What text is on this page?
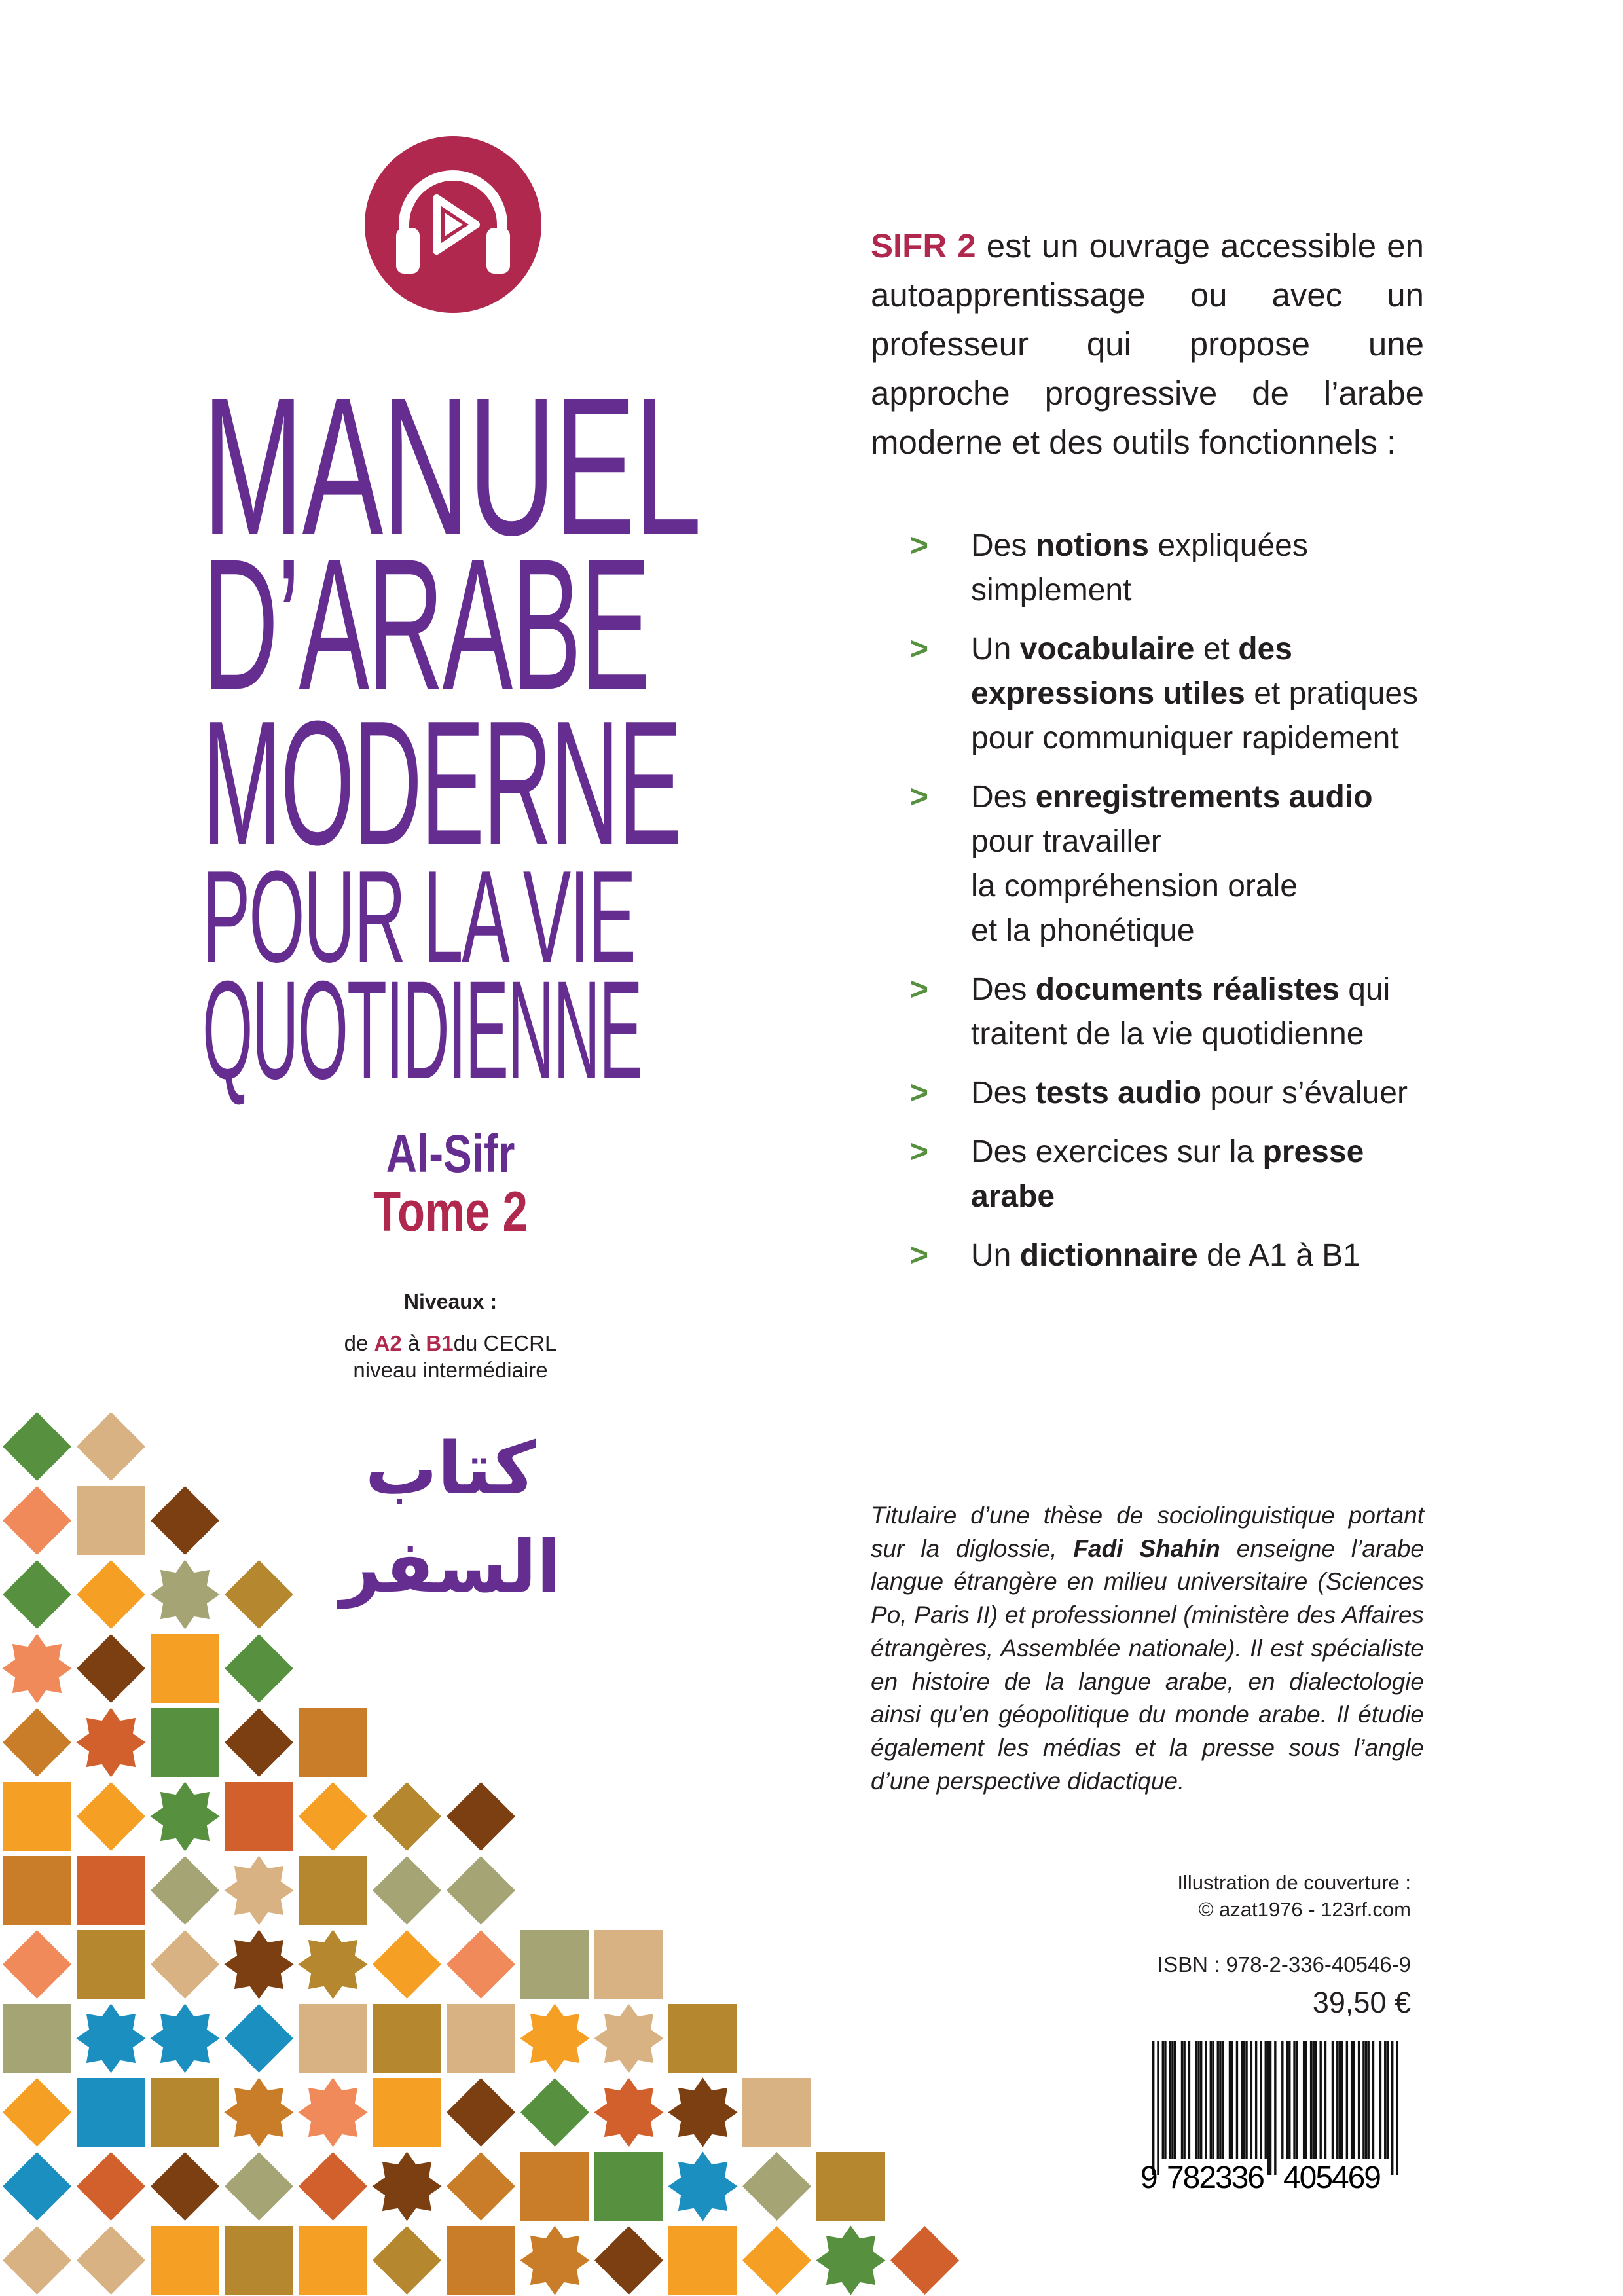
MANUEL
D’ARABE
MODERNE
POUR LA VIE
QUOTIDIENNE
Al-Sifr
Tome 2
Niveaux :
de A2 à B1du CECRL
niveau intermédiaire
كتاب
السفر
SIFR 2 est un ouvrage accessible en autoapprentissage ou avec un professeur qui propose une approche progressive de l’arabe moderne et des outils fonctionnels :
> Des notions expliquées simplement
> Un vocabulaire et des expressions utiles et pratiques pour communiquer rapidement
> Des enregistrements audio pour travailler
la compréhension orale
et la phonétique
> Des documents réalistes qui traitent de la vie quotidienne
> Des tests audio pour s’évaluer
> Des exercices sur la presse arabe
> Un dictionnaire de A1 à B1
Titulaire d’une thèse de sociolinguistique portant sur la diglossie, Fadi Shahin enseigne l’arabe langue étrangère en milieu universitaire (Sciences Po, Paris II) et professionnel (ministère des Affaires étrangères, Assemblée nationale). Il est spécialiste en histoire de la langue arabe, en dialectologie ainsi qu’en géopolitique du monde arabe. Il étudie également les médias et la presse sous l’angle d’une perspective didactique.
Illustration de couverture :
© azat1976 - 123rf.com
ISBN : 978-2-336-40546-9
39,50 €
9 782336 405469
